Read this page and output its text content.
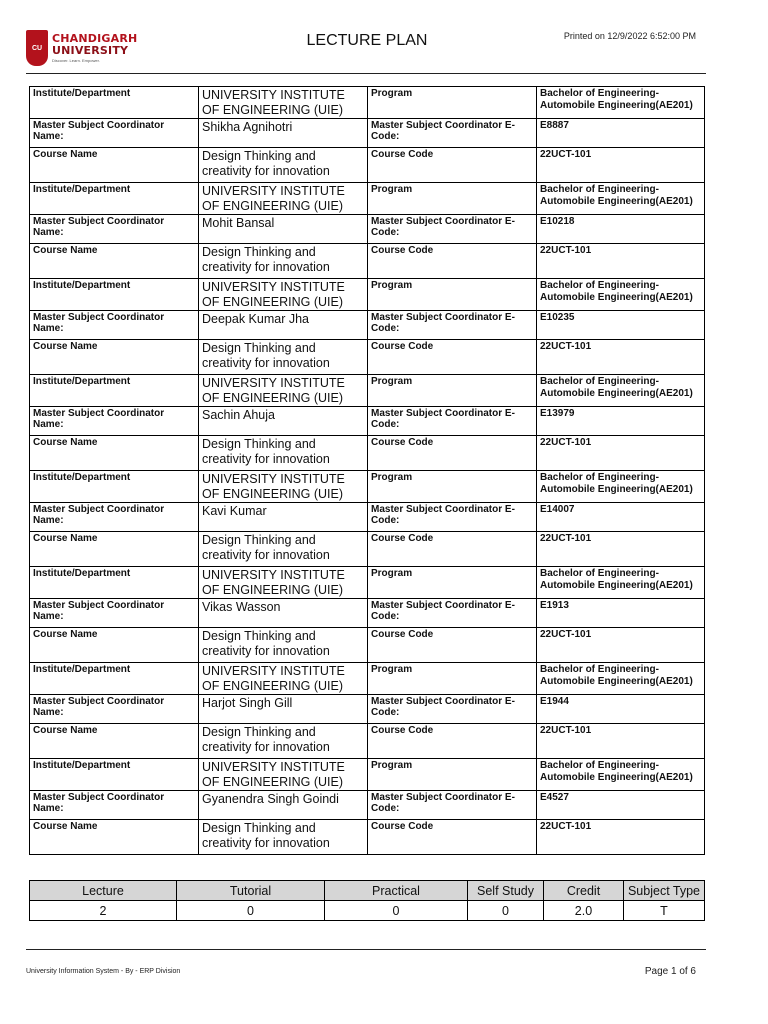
CU
CHANDIGARH
UNIVERSITY
Discover. Learn. Empower.
LECTURE PLAN	Printed on 12/9/2022 6:52:00 PM
Institute/Department	UNIVERSITY INSTITUTE OF ENGINEERING (UIE)	Program	Bachelor of Engineering-Automobile Engineering(AE201)
Master Subject Coordinator Name:	Shikha Agnihotri	Master Subject Coordinator E-Code:	E8887
Course Name	Design Thinking and creativity for innovation	Course Code	22UCT-101
Institute/Department	UNIVERSITY INSTITUTE OF ENGINEERING (UIE)	Program	Bachelor of Engineering-Automobile Engineering(AE201)
Master Subject Coordinator Name:	Mohit Bansal	Master Subject Coordinator E-Code:	E10218
Course Name	Design Thinking and creativity for innovation	Course Code	22UCT-101
Institute/Department	UNIVERSITY INSTITUTE OF ENGINEERING (UIE)	Program	Bachelor of Engineering-Automobile Engineering(AE201)
Master Subject Coordinator Name:	Deepak Kumar Jha	Master Subject Coordinator E-Code:	E10235
Course Name	Design Thinking and creativity for innovation	Course Code	22UCT-101
Institute/Department	UNIVERSITY INSTITUTE OF ENGINEERING (UIE)	Program	Bachelor of Engineering-Automobile Engineering(AE201)
Master Subject Coordinator Name:	Sachin Ahuja	Master Subject Coordinator E-Code:	E13979
Course Name	Design Thinking and creativity for innovation	Course Code	22UCT-101
Institute/Department	UNIVERSITY INSTITUTE OF ENGINEERING (UIE)	Program	Bachelor of Engineering-Automobile Engineering(AE201)
Master Subject Coordinator Name:	Kavi Kumar	Master Subject Coordinator E-Code:	E14007
Course Name	Design Thinking and creativity for innovation	Course Code	22UCT-101
Institute/Department	UNIVERSITY INSTITUTE OF ENGINEERING (UIE)	Program	Bachelor of Engineering-Automobile Engineering(AE201)
Master Subject Coordinator Name:	Vikas Wasson	Master Subject Coordinator E-Code:	E1913
Course Name	Design Thinking and creativity for innovation	Course Code	22UCT-101
Institute/Department	UNIVERSITY INSTITUTE OF ENGINEERING (UIE)	Program	Bachelor of Engineering-Automobile Engineering(AE201)
Master Subject Coordinator Name:	Harjot Singh Gill	Master Subject Coordinator E-Code:	E1944
Course Name	Design Thinking and creativity for innovation	Course Code	22UCT-101
Institute/Department	UNIVERSITY INSTITUTE OF ENGINEERING (UIE)	Program	Bachelor of Engineering-Automobile Engineering(AE201)
Master Subject Coordinator Name:	Gyanendra Singh Goindi	Master Subject Coordinator E-Code:	E4527
Course Name	Design Thinking and creativity for innovation	Course Code	22UCT-101
Lecture	Tutorial	Practical	Self Study	Credit	Subject Type
2	0	0	0	2.0	T
University Information System - By - ERP Division	Page 1 of 6
